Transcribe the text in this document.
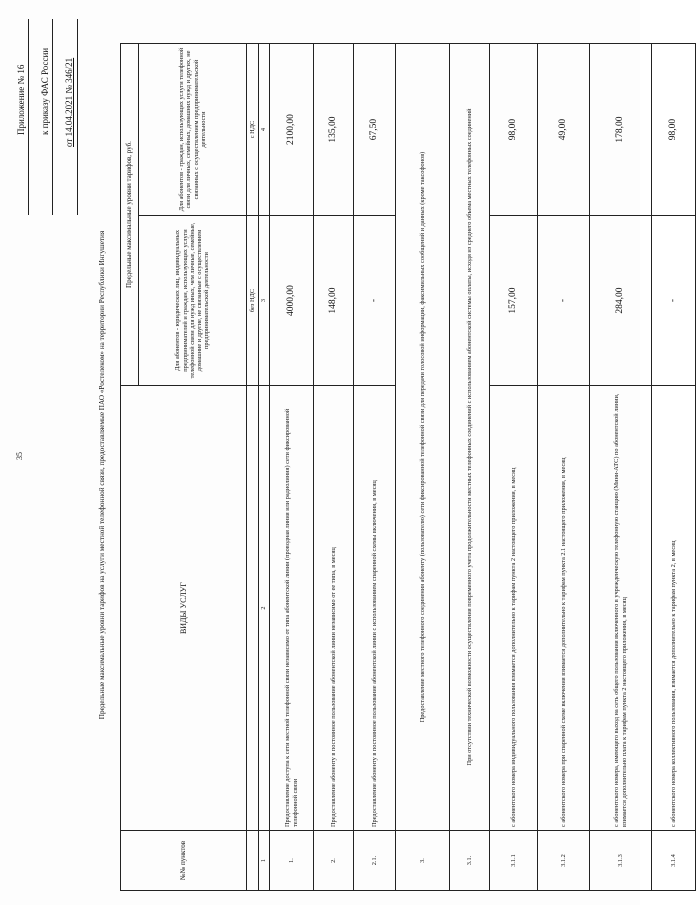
35
Приложение № 16 к приказу ФАС России от 14.04.2021 № 346/21
Предельные максимальные уровни тарифов на услуги местной телефонной связи, предоставляемые ПАО «Ростелеком» на территории Республики Ингушетия
№№ пунктов	ВИДЫ УСЛУГ	Предельные максимальные уровни тарифов, руб.	
		Для абонентов - юридических лиц, индивидуальных предпринимателей и граждан, использующих услуги телефонной связи для нужд иных, чем личные, семейные, домашние и другие, не связанные с осуществлением предпринимательской деятельности	Для абонентов - граждан, использующих услуги телефонной связи для личных, семейных, домашних нужд и других, не связанных с осуществлением предпринимательской деятельности
		без НДС	с НДС
1	2	3	4
1.	Предоставление доступа к сети местной телефонной связи независимо от типа абонентской линии (проводная линия или радиолиния) сети фиксированной телефонной связи	4000,00	2100,00
2.	Предоставление абоненту в постоянное пользование абонентской линии независимо от ее типа, в месяц	148,00	135,00
2.1.	Предоставление абоненту в постоянное пользование абонентской линии с использованием спаренной схемы включения, в месяц	-	67,50
3.	Предоставление местного телефонного соединения абоненту (пользователю) сети фиксированной телефонной связи для передачи голосовой информации, факсимильных сообщений и данных (кроме таксофонов)		
3.1.	При отсутствии технической возможности осуществления повременного учета продолжительности местных телефонных соединений с использованием абонентской системы оплаты, исходя из среднего объема местных телефонных соединений		
3.1.1	с абонентского номера индивидуального пользования взимается дополнительно к тарифам пункта 2 настоящего приложения, в месяц	157,00	98,00
3.1.2	с абонентского номера при спаренной схеме включения взимается дополнительно к тарифам пункта 2.1 настоящего приложения, в месяц	-	49,00
3.1.3	с абонентского номера, имеющего выход на сеть общего пользования включенного в учрежденческую телефонную станцию (Мини-АТС) по абонентской линии, взимается дополнительно плата к тарифам пункта 2 настоящего приложения, в месяц	284,00	178,00
3.1.4	с абонентского номера коллективного пользования, взимается дополнительно к тарифам пункта 2, в месяц	-	98,00
